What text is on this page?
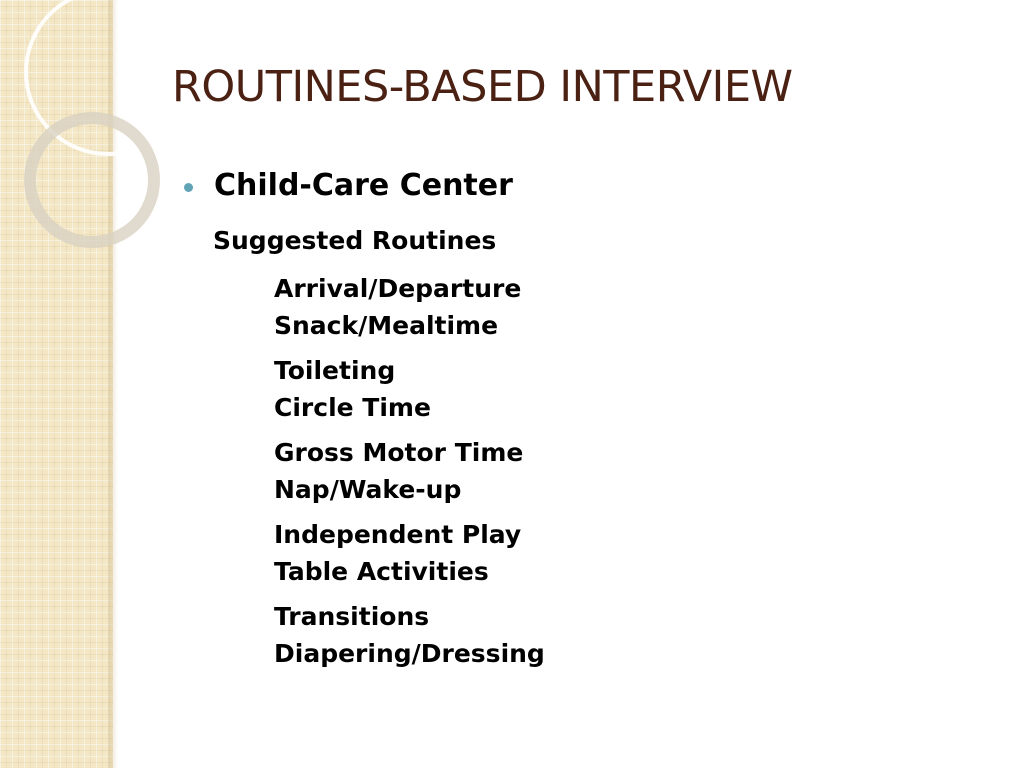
ROUTINES-BASED INTERVIEW
Child-Care Center
Suggested Routines
Arrival/Departure
Snack/Mealtime
Toileting
Circle Time
Gross Motor Time
Nap/Wake-up
Independent Play
Table Activities
Transitions
Diapering/Dressing
